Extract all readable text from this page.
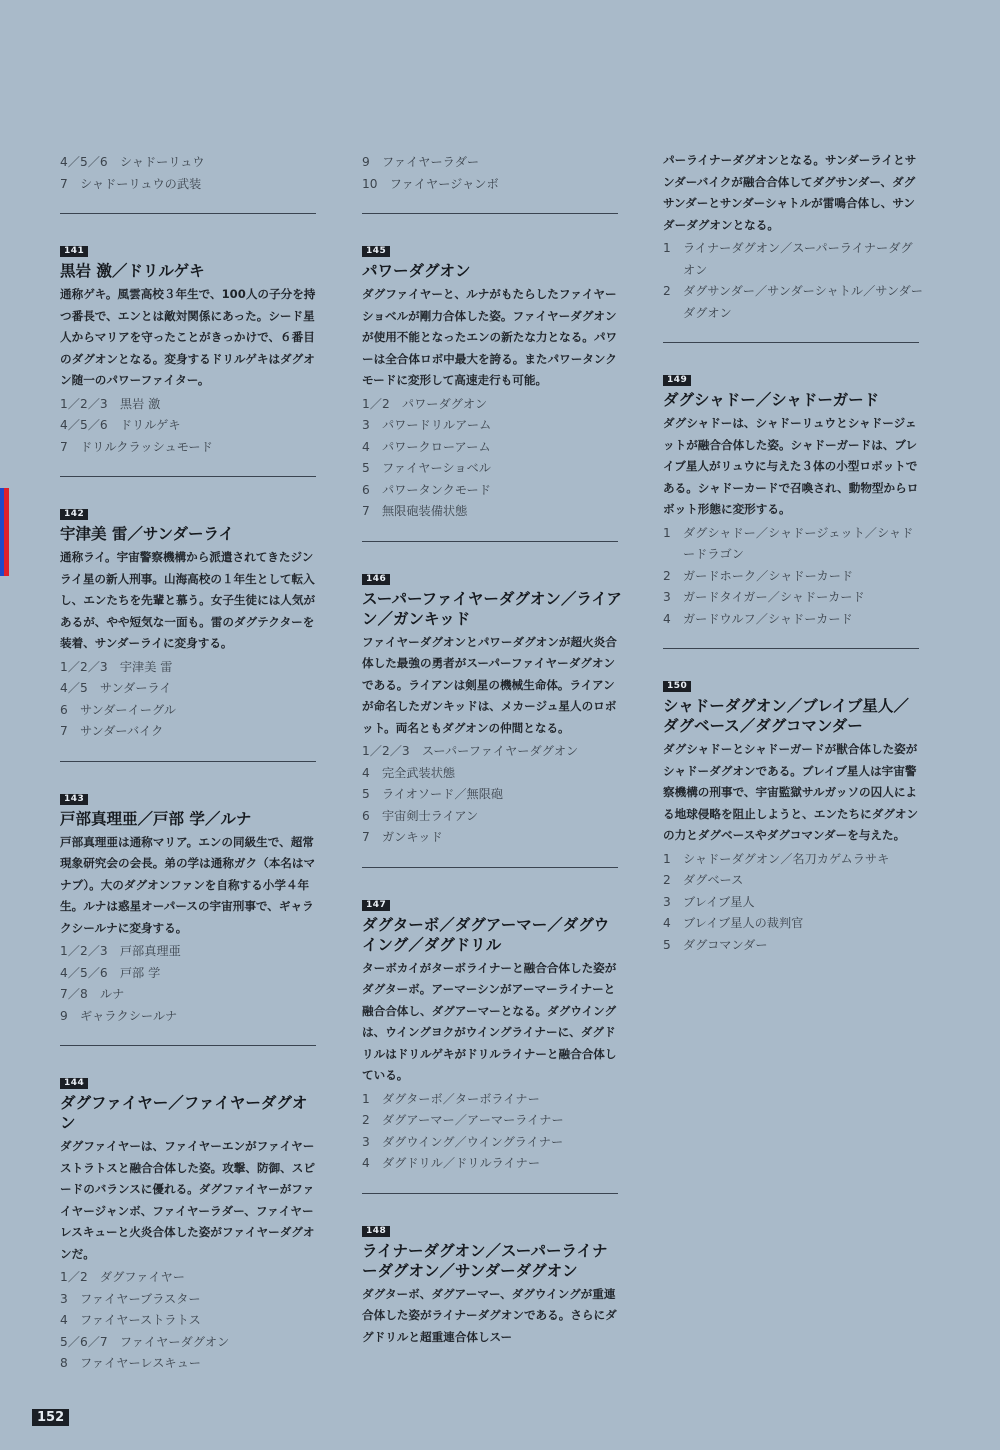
4／5／6　 シャドーリュウ
7　 シャドーリュウの武装
141
黒岩 激／ドリルゲキ

通称ゲキ。風雲高校３年生で、100人の子分を持つ番長で、エンとは敵対関係にあった。シード星人からマリアを守ったことがきっかけで、６番目のダグオンとなる。変身するドリルゲキはダグオン随一のパワーファイター。

1／2／3　 黒岩 激
4／5／6　 ドリルゲキ
7　 ドリルクラッシュモード
142
宇津美 雷／サンダーライ

通称ライ。宇宙警察機構から派遣されてきたジンライ星の新人刑事。山海高校の１年生として転入し、エンたちを先輩と慕う。女子生徒には人気があるが、やや短気な一面も。雷のダグテクターを装着、サンダーライに変身する。

1／2／3　 宇津美 雷
4／5　 サンダーライ
6　 サンダーイーグル
7　 サンダーバイク
143
戸部真理亜／戸部 学／ルナ

戸部真理亜は通称マリア。エンの同級生で、超常現象研究会の会長。弟の学は通称ガク（本名はマナブ）。大のダグオンファンを自称する小学４年生。ルナは惑星オーパースの宇宙刑事で、ギャラクシールナに変身する。

1／2／3　 戸部真理亜
4／5／6　 戸部 学
7／8　 ルナ
9　 ギャラクシールナ
144
ダグファイヤー／ファイヤーダグオン

ダグファイヤーは、ファイヤーエンがファイヤーストラトスと融合合体した姿。攻撃、防御、スピードのバランスに優れる。ダグファイヤーがファイヤージャンボ、ファイヤーラダー、ファイヤーレスキューと火炎合体した姿がファイヤーダグオンだ。

1／2　 ダグファイヤー
3　 ファイヤーブラスター
4　 ファイヤーストラトス
5／6／7　 ファイヤーダグオン
8　 ファイヤーレスキュー
9　 ファイヤーラダー
10　 ファイヤージャンボ
145
パワーダグオン

ダグファイヤーと、ルナがもたらしたファイヤーショベルが剛力合体した姿。ファイヤーダグオンが使用不能となったエンの新たな力となる。パワーは全合体ロボ中最大を誇る。またパワータンクモードに変形して高速走行も可能。

1／2　 パワーダグオン
3　 パワードリルアーム
4　 パワークローアーム
5　 ファイヤーショベル
6　 パワータンクモード
7　 無限砲装備状態
146
スーパーファイヤーダグオン／ライアン／ガンキッド

ファイヤーダグオンとパワーダグオンが超火炎合体した最強の勇者がスーパーファイヤーダグオンである。ライアンは剣星の機械生命体。ライアンが命名したガンキッドは、メカージュ星人のロボット。両名ともダグオンの仲間となる。

1／2／3　 スーパーファイヤーダグオン
4　 完全武装状態
5　 ライオソード／無限砲
6　 宇宙剣士ライアン
7　 ガンキッド
147
ダグターボ／ダグアーマー／ダグウイング／ダグドリル

ターボカイがターボライナーと融合合体した姿がダグターボ。アーマーシンがアーマーライナーと融合合体し、ダグアーマーとなる。ダグウイングは、ウイングヨクがウイングライナーに、ダグドリルはドリルゲキがドリルライナーと融合合体している。

1　 ダグターボ／ターボライナー
2　 ダグアーマー／アーマーライナー
3　 ダグウイング／ウイングライナー
4　 ダグドリル／ドリルライナー
148
ライナーダグオン／スーパーライナーダグオン／サンダーダグオン

ダグターボ、ダグアーマー、ダグウイングが重連合体した姿がライナーダグオンである。さらにダグドリルと超重連合体しスー

パーライナーダグオンとなる。サンダーライとサンダーバイクが融合合体してダグサンダー、ダグサンダーとサンダーシャトルが雷鳴合体し、サンダーダグオンとなる。

1　 ライナーダグオン／スーパーライナーダグオン
2　 ダグサンダー／サンダーシャトル／サンダーダグオン
149
ダグシャドー／シャドーガード

ダグシャドーは、シャドーリュウとシャドージェットが融合合体した姿。シャドーガードは、ブレイブ星人がリュウに与えた３体の小型ロボットである。シャドーカードで召喚され、動物型からロボット形態に変形する。

1　 ダグシャドー／シャドージェット／シャドードラゴン
2　 ガードホーク／シャドーカード
3　 ガードタイガー／シャドーカード
4　 ガードウルフ／シャドーカード
150
シャドーダグオン／ブレイブ星人／ダグベース／ダグコマンダー

ダグシャドーとシャドーガードが獣合体した姿がシャドーダグオンである。ブレイブ星人は宇宙警察機構の刑事で、宇宙監獄サルガッソの囚人による地球侵略を阻止しようと、エンたちにダグオンの力とダグベースやダグコマンダーを与えた。

1　 シャドーダグオン／名刀カゲムラサキ
2　 ダグベース
3　 ブレイブ星人
4　 ブレイブ星人の裁判官
5　 ダグコマンダー
152
